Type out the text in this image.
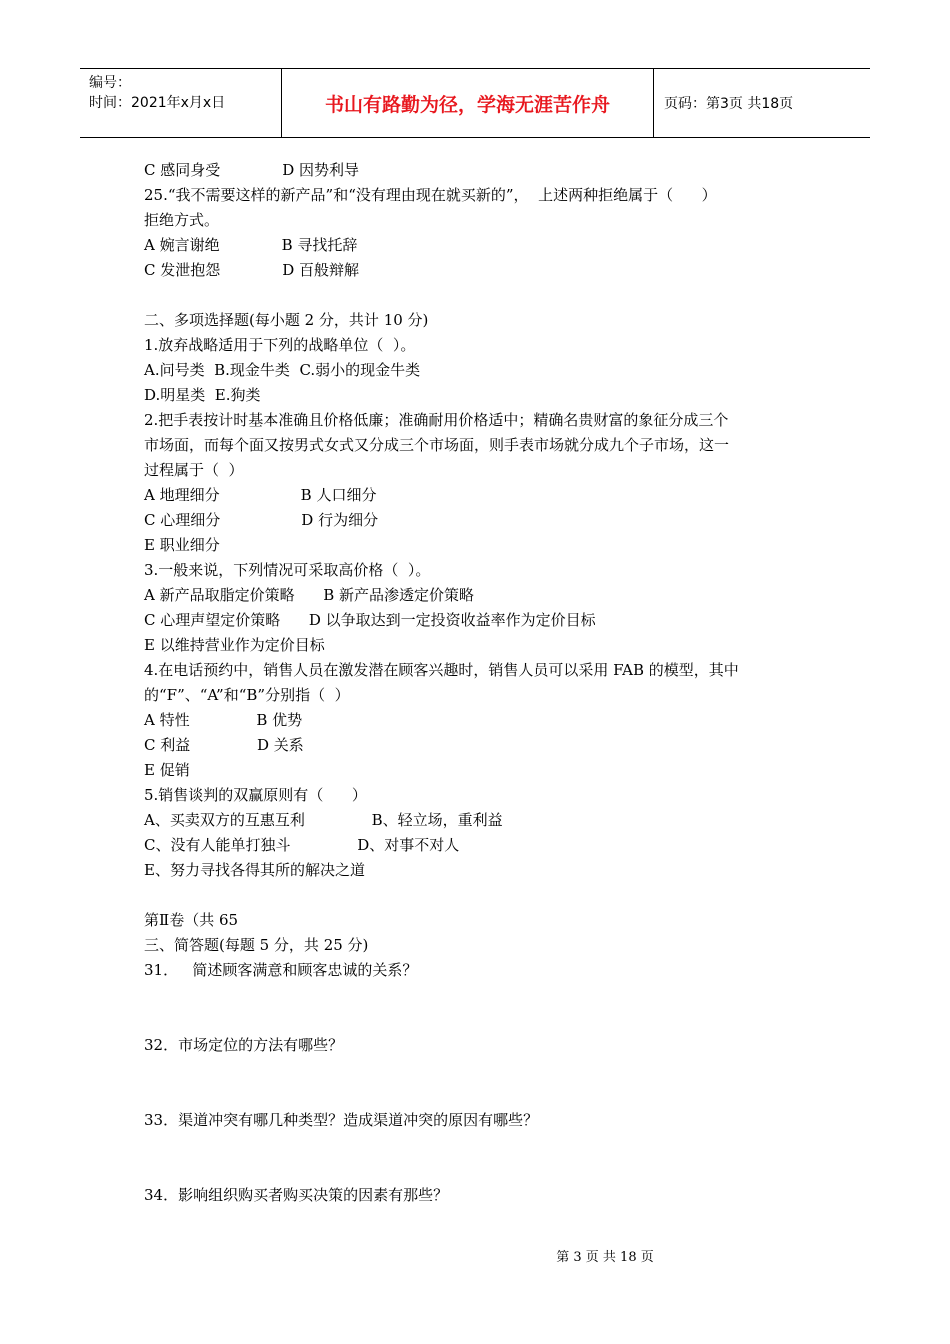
编号：
时间：2021年x月x日	书山有路勤为径，学海无涯苦作舟	页码：第3页 共18页
C 感同身受             D 因势利导
25.“我不需要这样的新产品”和“没有理由现在就买新的”，  上述两种拒绝属于（      ）
拒绝方式。
A 婉言谢绝             B 寻找托辞
C 发泄抱怨             D 百般辩解
二、多项选择题(每小题 2 分，共计 10 分)
1.放弃战略适用于下列的战略单位（  ）。
A.问号类  B.现金牛类  C.弱小的现金牛类
D.明星类  E.狗类
2.把手表按计时基本准确且价格低廉；准确耐用价格适中；精确名贵财富的象征分成三个
市场面，而每个面又按男式女式又分成三个市场面，则手表市场就分成九个子市场，这一
过程属于（  ）
A 地理细分                 B 人口细分
C 心理细分                 D 行为细分
E 职业细分
3.一般来说，下列情况可采取高价格（  ）。
A 新产品取脂定价策略      B 新产品渗透定价策略
C 心理声望定价策略      D 以争取达到一定投资收益率作为定价目标
E 以维持营业作为定价目标
4.在电话预约中，销售人员在激发潜在顾客兴趣时，销售人员可以采用 FAB 的模型，其中
的“F”、“A”和“B”分别指（  ）
A 特性              B 优势
C 利益              D 关系
E 促销
5.销售谈判的双赢原则有（      ）
A、买卖双方的互惠互利              B、轻立场，重利益
C、没有人能单打独斗              D、对事不对人
E、努力寻找各得其所的解决之道
第Ⅱ卷（共 65
三、简答题(每题 5 分，共 25 分)
31．   简述顾客满意和顾客忠诚的关系？
32．市场定位的方法有哪些？
33．渠道冲突有哪几种类型？造成渠道冲突的原因有哪些？
34．影响组织购买者购买决策的因素有那些？
第 3 页 共 18 页
